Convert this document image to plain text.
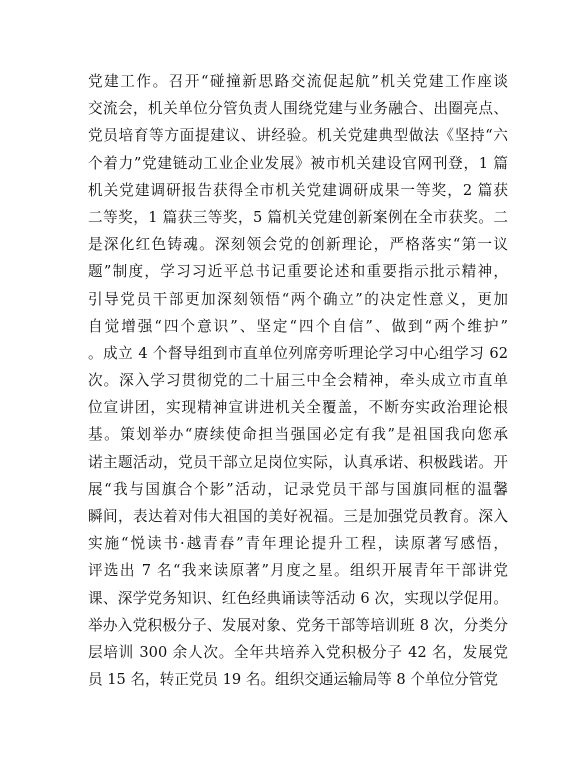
党建工作。召开“碰撞新思路交流促起航”机关党建工作座谈
交流会，机关单位分管负责人围绕党建与业务融合、出圈亮点、
党员培育等方面提建议、讲经验。机关党建典型做法《坚持“六
个着力”党建链动工业企业发展》被市机关建设官网刊登，1 篇
机关党建调研报告获得全市机关党建调研成果一等奖，2 篇获
二等奖，1 篇获三等奖，5 篇机关党建创新案例在全市获奖。二
是深化红色铸魂。深刻领会党的创新理论，严格落实“第一议
题”制度，学习习近平总书记重要论述和重要指示批示精神，
引导党员干部更加深刻领悟“两个确立”的决定性意义，更加
自觉增强“四个意识”、坚定“四个自信”、做到“两个维护”
。成立 4 个督导组到市直单位列席旁听理论学习中心组学习 62
次。深入学习贯彻党的二十届三中全会精神，牵头成立市直单
位宣讲团，实现精神宣讲进机关全覆盖，不断夯实政治理论根
基。策划举办“赓续使命担当强国必定有我”是祖国我向您承
诺主题活动，党员干部立足岗位实际，认真承诺、积极践诺。开
展“我与国旗合个影”活动，记录党员干部与国旗同框的温馨
瞬间，表达着对伟大祖国的美好祝福。三是加强党员教育。深入
实施“悦读书·越青春”青年理论提升工程，读原著写感悟，
评选出 7 名“我来读原著”月度之星。组织开展青年干部讲党
课、深学党务知识、红色经典诵读等活动 6 次，实现以学促用。
举办入党积极分子、发展对象、党务干部等培训班 8 次，分类分
层培训 300 余人次。全年共培养入党积极分子 42 名，发展党
员 15 名，转正党员 19 名。组织交通运输局等 8 个单位分管党
